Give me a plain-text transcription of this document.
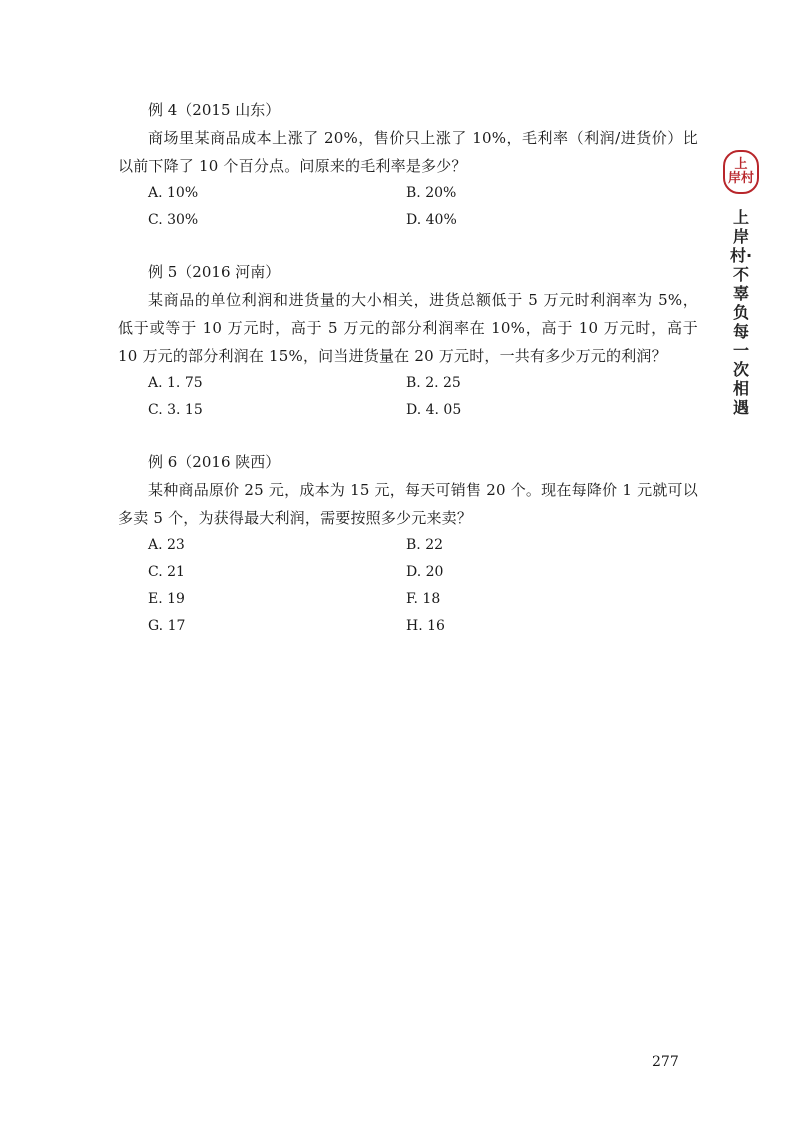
例 4（2015 山东）
商场里某商品成本上涨了 20%，售价只上涨了 10%，毛利率（利润/进货价）比以前下降了 10 个百分点。问原来的毛利率是多少？
A. 10%	B. 20%
C. 30%	D. 40%
例 5（2016 河南）
某商品的单位利润和进货量的大小相关，进货总额低于 5 万元时利润率为 5%，低于或等于 10 万元时，高于 5 万元的部分利润率在 10%，高于 10 万元时，高于 10 万元的部分利润在 15%，问当进货量在 20 万元时，一共有多少万元的利润？
A. 1. 75	B. 2. 25
C. 3. 15	D. 4. 05
例 6（2016 陕西）
某种商品原价 25 元，成本为 15 元，每天可销售 20 个。现在每降价 1 元就可以多卖 5 个，为获得最大利润，需要按照多少元来卖？
A. 23	B. 22
C. 21	D. 20
E. 19	F. 18
G. 17	H. 16
上
岸村
上岸村·不辜负每一次相遇
277
